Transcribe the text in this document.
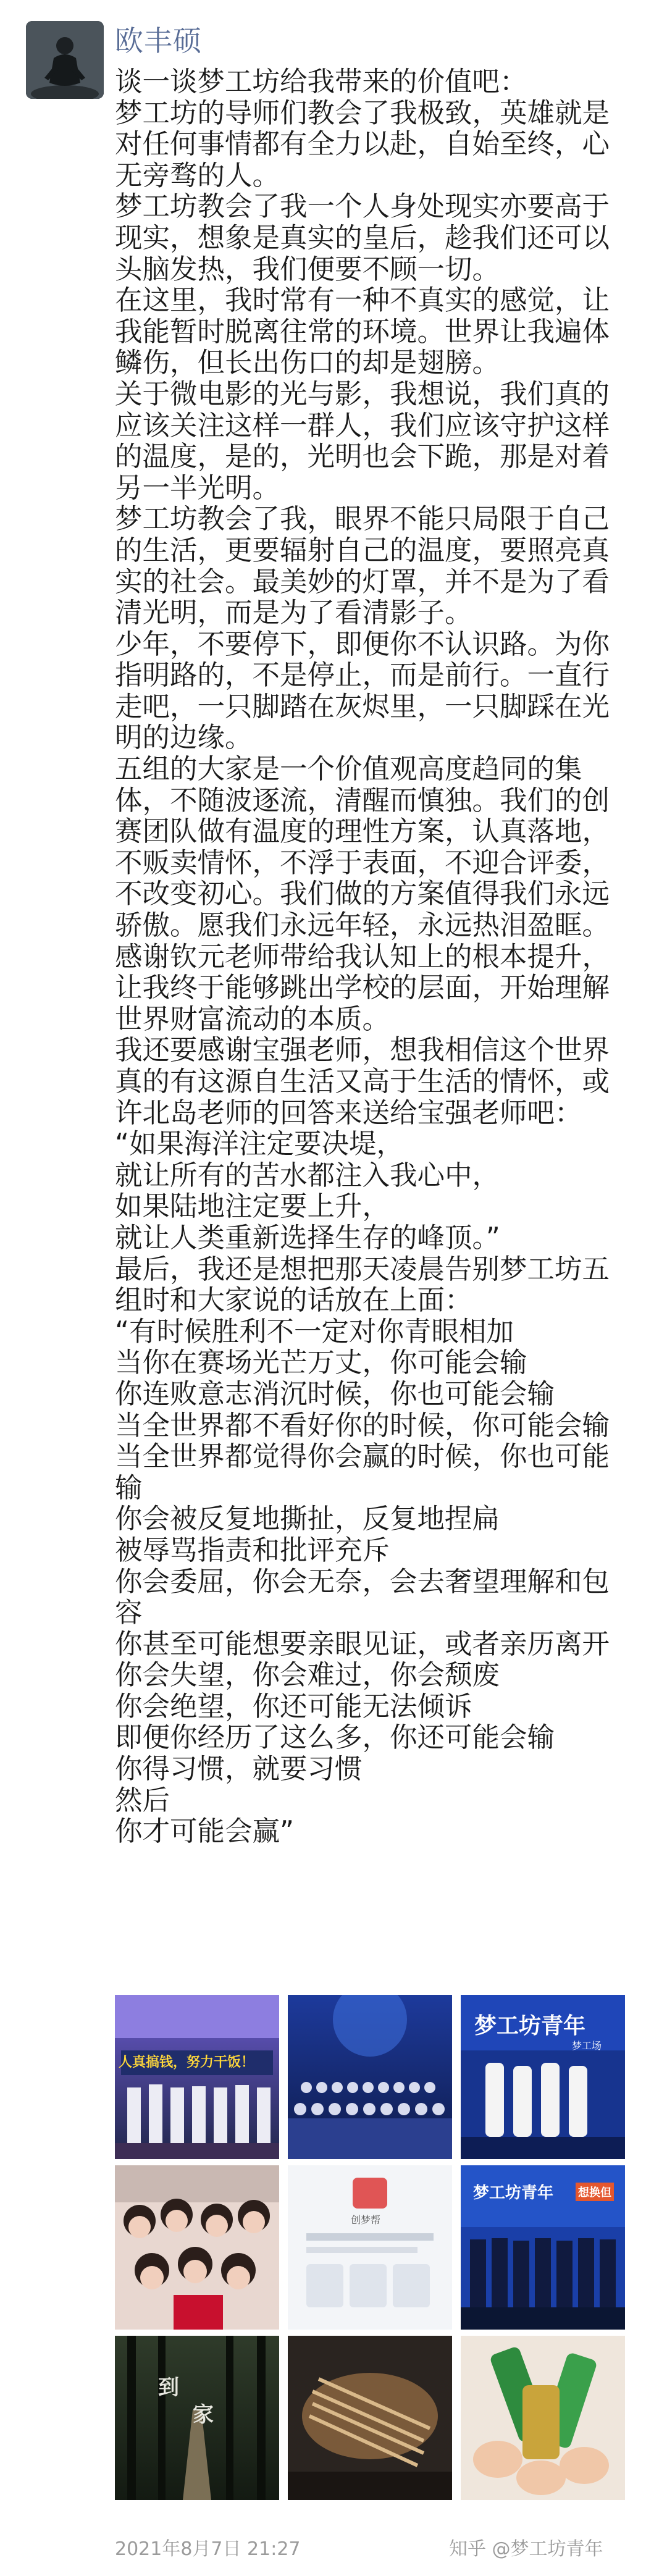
欧丰硕
谈一谈梦工坊给我带来的价值吧：
梦工坊的导师们教会了我极致，英雄就是
对任何事情都有全力以赴，自始至终，心
无旁骛的人。
梦工坊教会了我一个人身处现实亦要高于
现实，想象是真实的皇后，趁我们还可以
头脑发热，我们便要不顾一切。
在这里，我时常有一种不真实的感觉，让
我能暂时脱离往常的环境。世界让我遍体
鳞伤，但长出伤口的却是翅膀。
关于微电影的光与影，我想说，我们真的
应该关注这样一群人，我们应该守护这样
的温度，是的，光明也会下跪，那是对着
另一半光明。
梦工坊教会了我，眼界不能只局限于自己
的生活，更要辐射自己的温度，要照亮真
实的社会。最美妙的灯罩，并不是为了看
清光明，而是为了看清影子。
少年，不要停下，即便你不认识路。为你
指明路的，不是停止，而是前行。一直行
走吧，一只脚踏在灰烬里，一只脚踩在光
明的边缘。
五组的大家是一个价值观高度趋同的集
体，不随波逐流，清醒而慎独。我们的创
赛团队做有温度的理性方案，认真落地，
不贩卖情怀，不浮于表面，不迎合评委，
不改变初心。我们做的方案值得我们永远
骄傲。愿我们永远年轻，永远热泪盈眶。
感谢钦元老师带给我认知上的根本提升，
让我终于能够跳出学校的层面，开始理解
世界财富流动的本质。
我还要感谢宝强老师，想我相信这个世界
真的有这源自生活又高于生活的情怀，或
许北岛老师的回答来送给宝强老师吧：
“如果海洋注定要决堤，
就让所有的苦水都注入我心中，
如果陆地注定要上升，
就让人类重新选择生存的峰顶。”
最后，我还是想把那天凌晨告别梦工坊五
组时和大家说的话放在上面：
“有时候胜利不一定对你青眼相加
当你在赛场光芒万丈，你可能会输
你连败意志消沉时候，你也可能会输
当全世界都不看好你的时候，你可能会输
当全世界都觉得你会赢的时候，你也可能
输
你会被反复地撕扯，反复地捏扁
被辱骂指责和批评充斥
你会委屈，你会无奈，会去奢望理解和包
容
你甚至可能想要亲眼见证，或者亲历离开
你会失望，你会难过，你会颓废
你会绝望，你还可能无法倾诉
即便你经历了这么多，你还可能会输
你得习惯，就要习惯
然后
你才可能会赢”
人真搞钱，努力干饭！
梦工坊青年
梦工场
创梦帮
梦工坊青年 想换但
到
家
2021年8月7日 21:27	知乎 @梦工坊青年
